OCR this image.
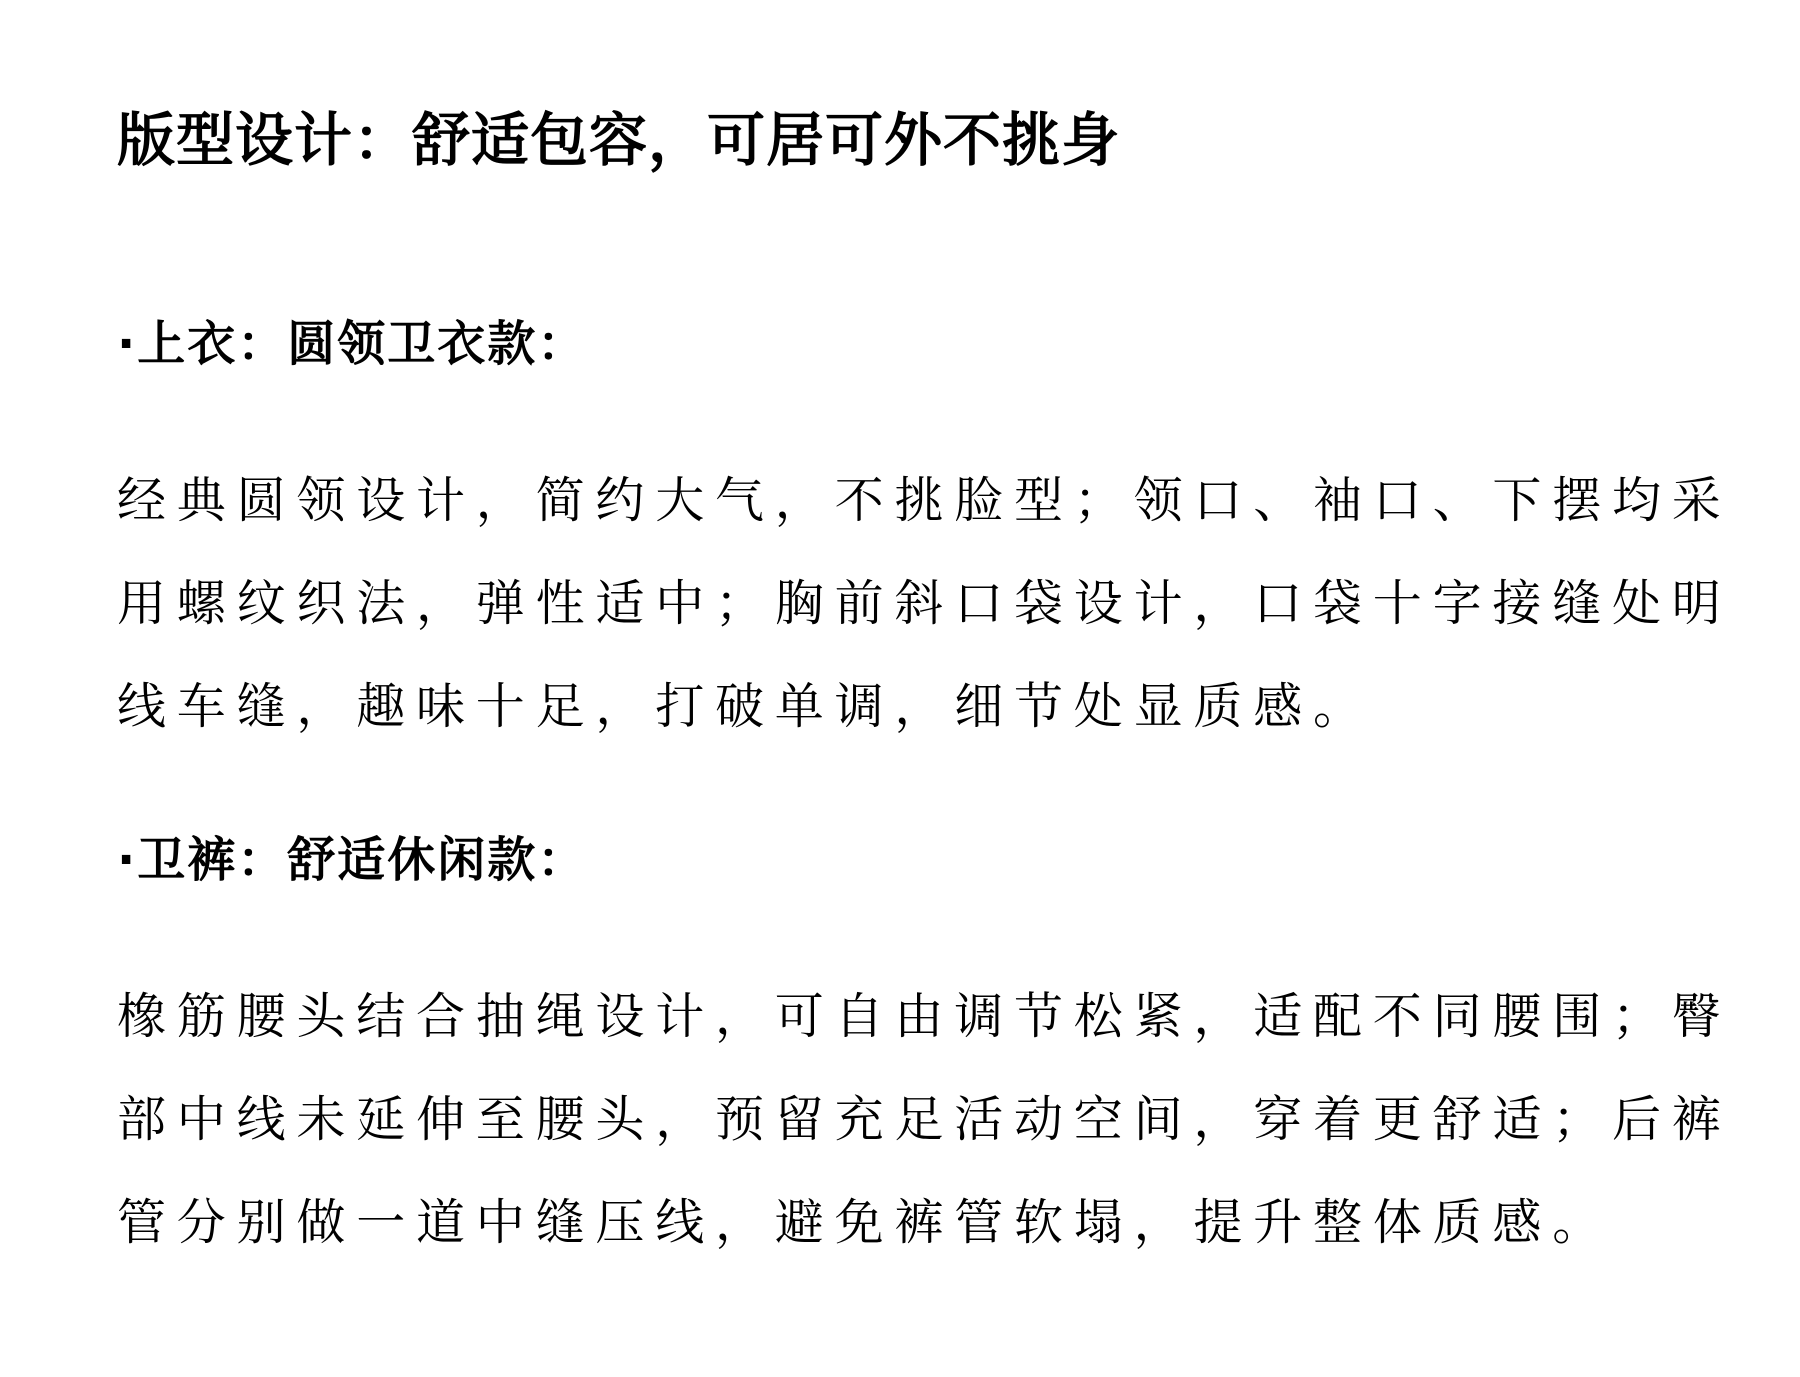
版型设计：舒适包容，可居可外不挑身
·上衣：圆领卫衣款：

经典圆领设计，简约大气，不挑脸型；领口、袖口、下摆均采
用螺纹织法，弹性适中；胸前斜口袋设计，口袋十字接缝处明
线车缝，趣味十足，打破单调，细节处显质感。

·卫裤：舒适休闲款：

橡筋腰头结合抽绳设计，可自由调节松紧，适配不同腰围；臀
部中线未延伸至腰头，预留充足活动空间，穿着更舒适；后裤
管分别做一道中缝压线，避免裤管软塌，提升整体质感。
